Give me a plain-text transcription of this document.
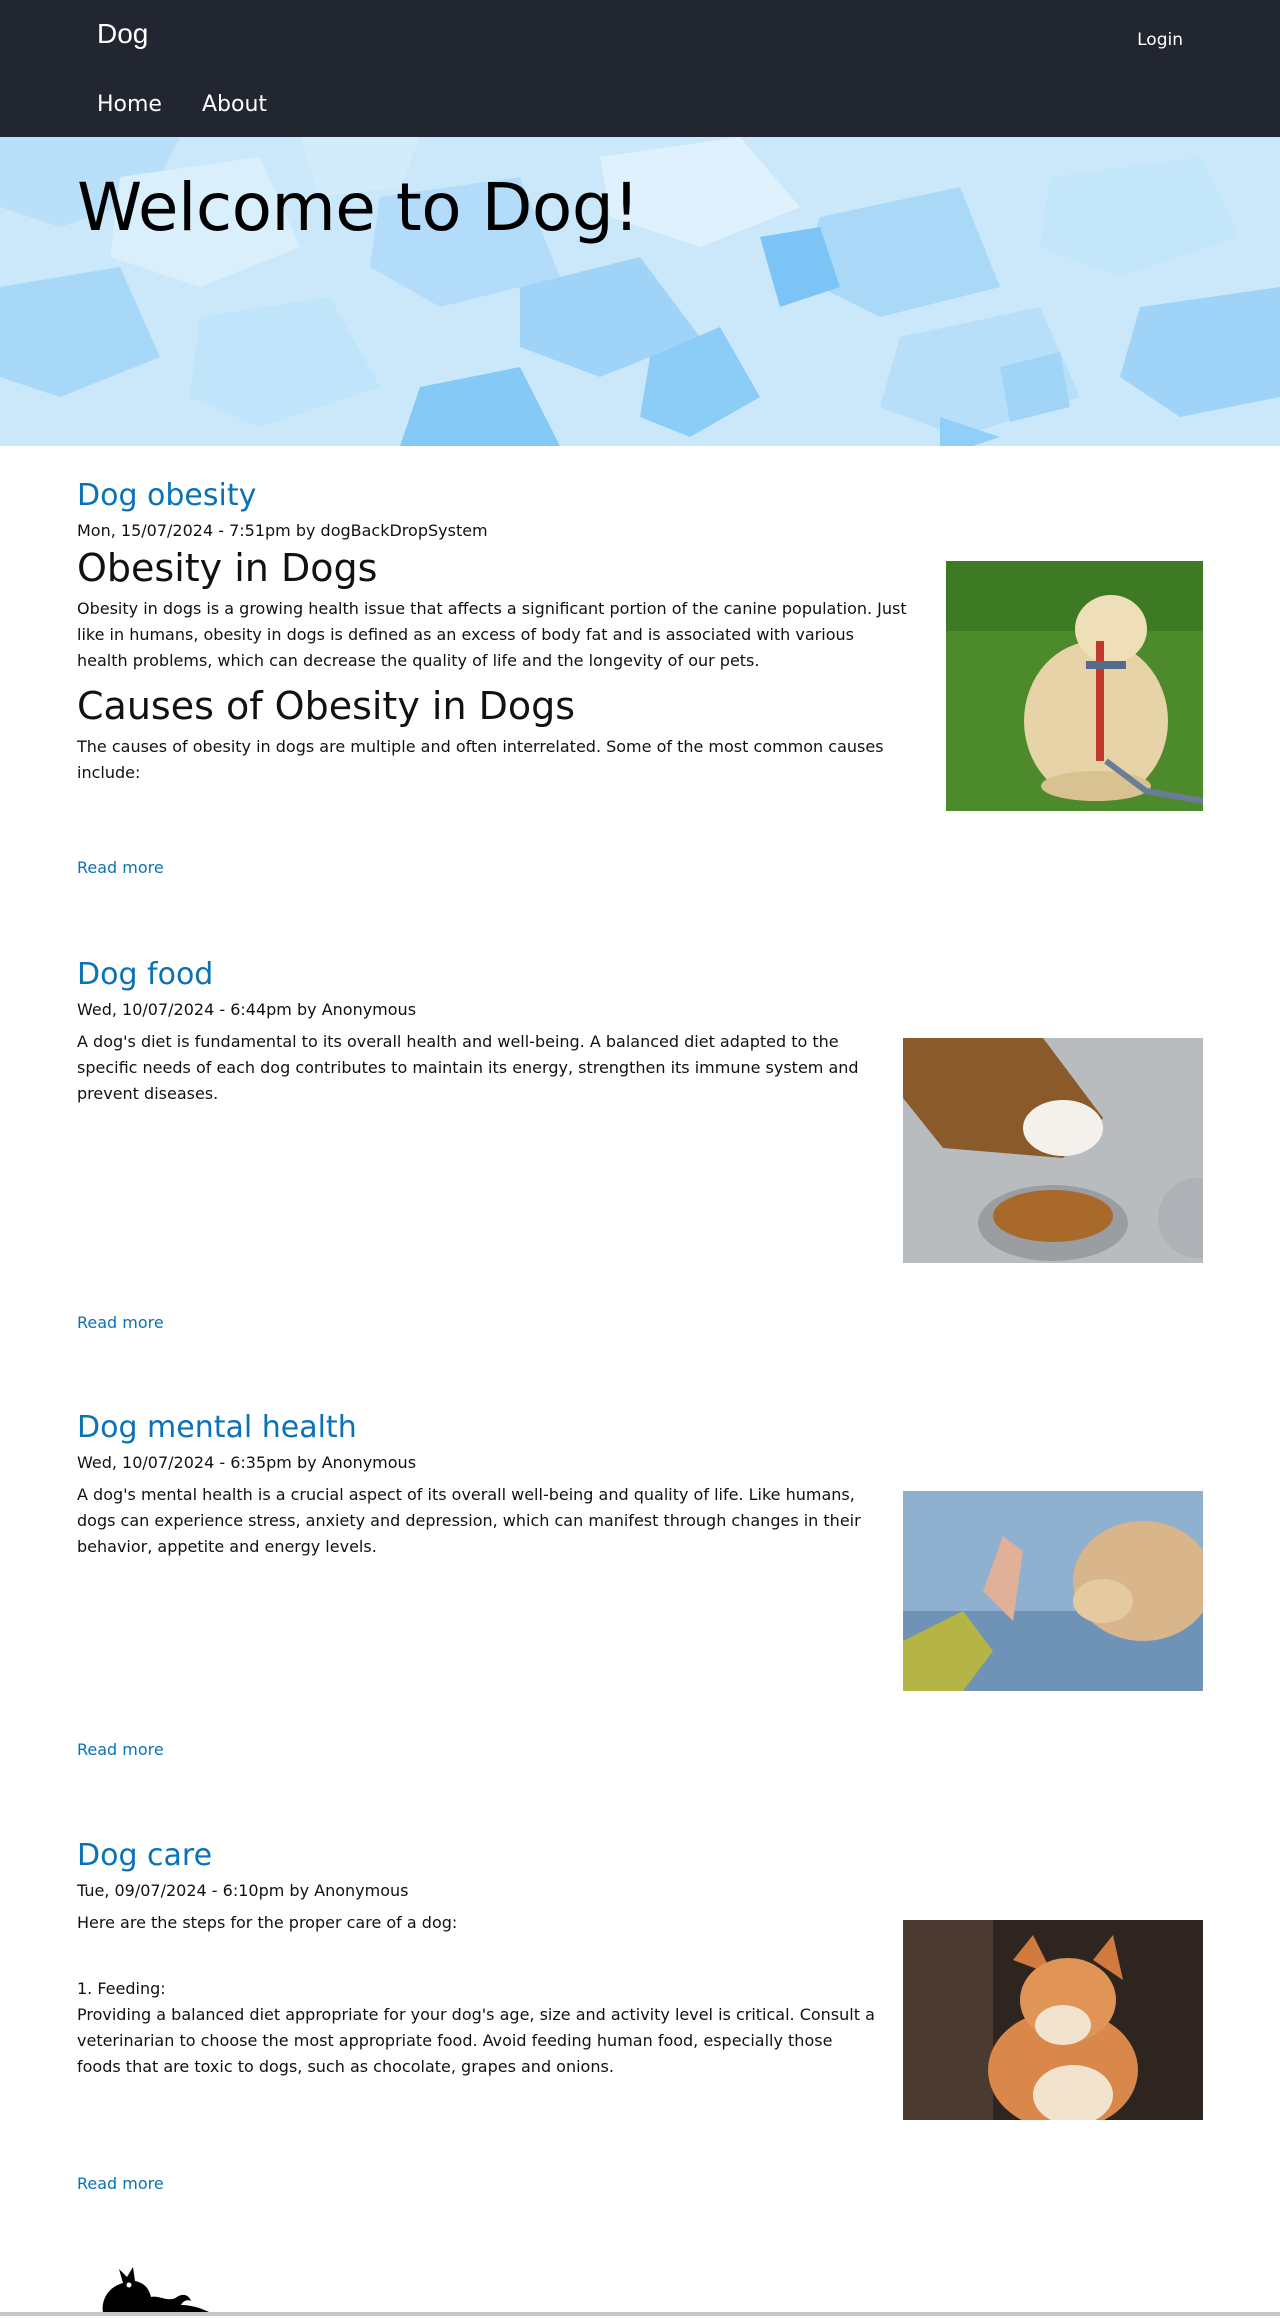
Dog	Login
Home About
Welcome to Dog!
Dog obesity
Mon, 15/07/2024 - 7:51pm by dogBackDropSystem
Obesity in Dogs

Obesity in dogs is a growing health issue that affects a significant portion of the canine population. Just like in humans, obesity in dogs is defined as an excess of body fat and is associated with various health problems, which can decrease the quality of life and the longevity of our pets.

Causes of Obesity in Dogs

The causes of obesity in dogs are multiple and often interrelated. Some of the most common causes include:

Read more
Dog food
Wed, 10/07/2024 - 6:44pm by Anonymous

A dog's diet is fundamental to its overall health and well-being. A balanced diet adapted to the specific needs of each dog contributes to maintain its energy, strengthen its immune system and prevent diseases.

Read more
Dog mental health
Wed, 10/07/2024 - 6:35pm by Anonymous

A dog's mental health is a crucial aspect of its overall well-being and quality of life. Like humans, dogs can experience stress, anxiety and depression, which can manifest through changes in their behavior, appetite and energy levels.

Read more
Dog care
Tue, 09/07/2024 - 6:10pm by Anonymous

Here are the steps for the proper care of a dog:

1. Feeding:

Providing a balanced diet appropriate for your dog's age, size and activity level is critical. Consult a veterinarian to choose the most appropriate food. Avoid feeding human food, especially those foods that are toxic to dogs, such as chocolate, grapes and onions.

Read more
